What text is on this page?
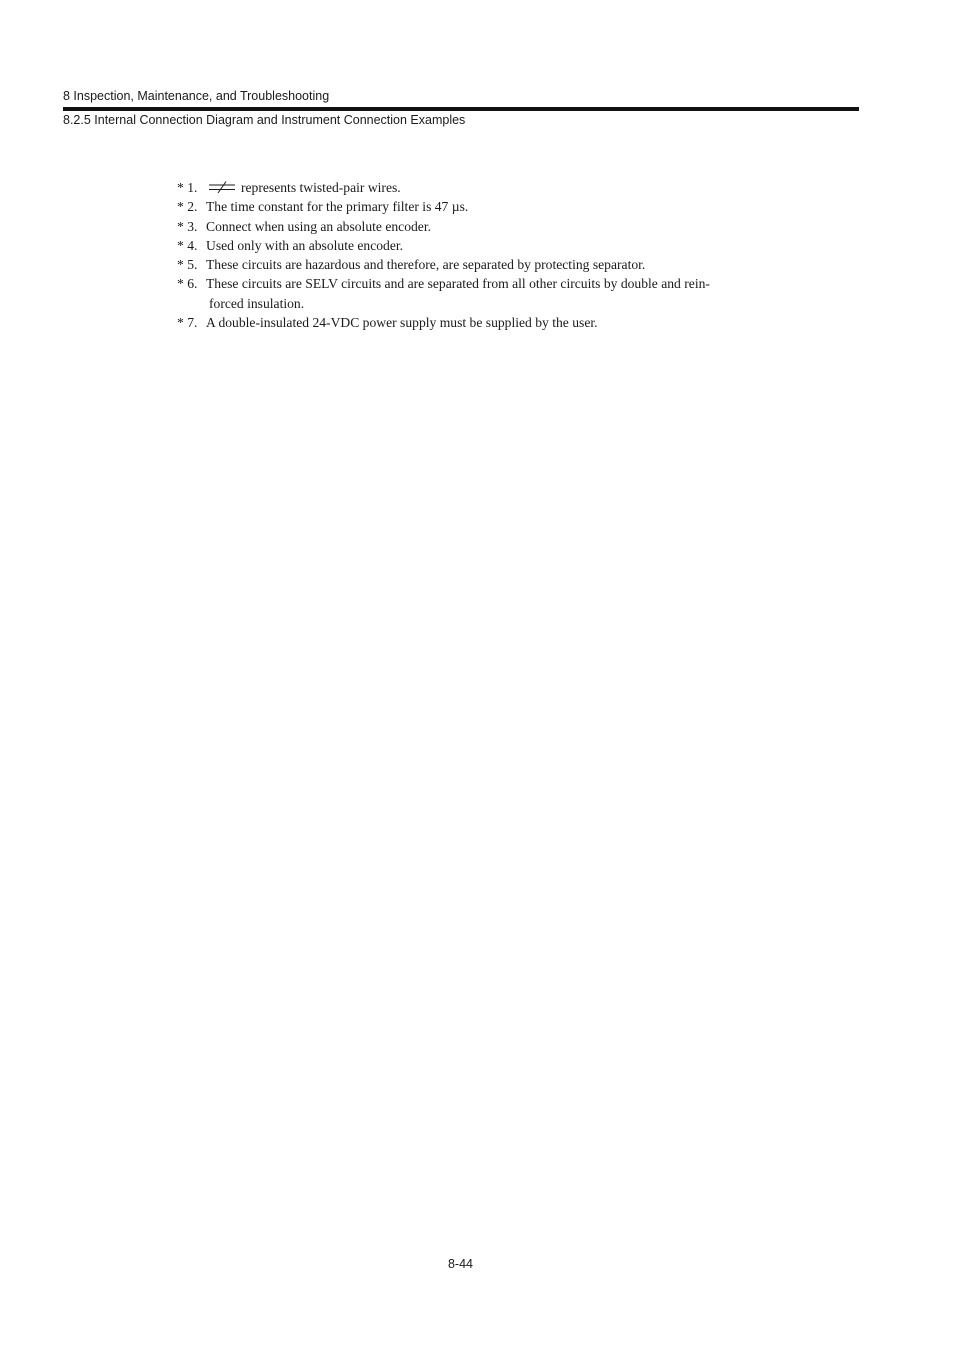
8 Inspection, Maintenance, and Troubleshooting
8.2.5 Internal Connection Diagram and Instrument Connection Examples
* 1.	represents twisted-pair wires.
* 2. The time constant for the primary filter is 47 µs.
* 3. Connect when using an absolute encoder.
* 4. Used only with an absolute encoder.
* 5. These circuits are hazardous and therefore, are separated by protecting separator.
* 6. These circuits are SELV circuits and are separated from all other circuits by double and rein-
forced insulation.
* 7. A double-insulated 24-VDC power supply must be supplied by the user.
8-44
